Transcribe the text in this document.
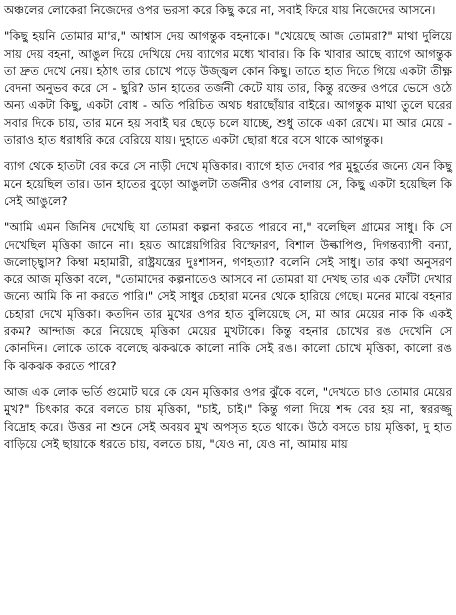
অঞ্চলের লোকেরা নিজেদের ওপর ভরসা করে কিছু করে না, সবাই ফিরে যায় নিজেদের আসনে।

"কিছু হয়নি তোমার মা'র," আশ্বাস দেয় আগন্তুক বহনাকে। "খেয়েছে আজ তোমরা?" মাথা দুলিয়ে সায় দেয় বহনা, আঙুল দিয়ে দেখিয়ে দেয় ব্যাগের মধ্যে খাবার। কি কি খাবার আছে ব্যাগে আগন্তুক তা দ্রুত দেখে নেয়। হঠাৎ তার চোখে পড়ে উজ্জ্বল কোন কিছু। তাতে হাত দিতে গিয়ে একটা তীক্ষ্ণ বেদনা অনুভব করে সে - ছুরি? ডান হাতের তর্জনী কেটে যায় তার, কিন্তু রক্তের ওপরে ভেসে ওঠে অন্য একটা কিছু, একটা বোধ - অতি পরিচিত অথচ ধরাছোঁয়ার বাইরে। আগন্তুক মাথা তুলে ঘরের সবার দিকে চায়, তার মনে হয় সবাই ঘর ছেড়ে চলে যাচ্ছে, শুধু তাকে একা রেখে। মা আর মেয়ে - তারাও হাত ধরাধরি করে বেরিয়ে যায়। দুহাতে একটা ছোরা ধরে বসে থাকে আগন্তুক।

ব্যাগ থেকে হাতটা বের করে সে নাড়ী দেখে মৃত্তিকার। ব্যাগে হাত দেবার পর মুহূর্তের জন্যে যেন কিছু মনে হয়েছিল তার। ডান হাতের বুড়ো আঙুলটা তর্জনীর ওপর বোলায় সে, কিছু একটা হয়েছিল কি সেই আঙুলে?

"আমি এমন জিনিষ দেখেছি যা তোমরা কল্পনা করতে পারবে না," বলেছিল গ্রামের সাধু। কি সে দেখেছিল মৃত্তিকা জানে না। হয়ত আগ্নেয়গিরির বিস্ফোরণ, বিশাল উল্কাপিণ্ড, দিগন্তব্যাপী বন্যা, জলোচ্ছ্বাস? কিম্বা মহামারী, রাষ্ট্রযন্ত্রের দুঃশাসন, গণহত্যা? বলেনি সেই সাধু। তার কথা অনুসরণ করে আজ মৃত্তিকা বলে, "তোমাদের কল্পনাতেও আসবে না তোমরা যা দেখছ তার এক ফোঁটা দেখার জন্যে আমি কি না করতে পারি।" সেই সাধুর চেহারা মনের থেকে হারিয়ে গেছে। মনের মাঝে বহনার চেহারা দেখে মৃত্তিকা। কতদিন তার মুখের ওপর হাত বুলিয়েছে সে, মা আর মেয়ের নাক কি একই রকম? আন্দাজ করে নিয়েছে মৃত্তিকা মেয়ের মুখটাকে। কিন্তু বহনার চোখের রঙ দেখেনি সে কোনদিন। লোকে তাকে বলেছে ঝকঝকে কালো নাকি সেই রঙ। কালো চোখে মৃত্তিকা, কালো রঙ কি ঝকঝক করতে পারে?

আজ এক লোক ভর্তি গুমোট ঘরে কে যেন মৃত্তিকার ওপর ঝুঁকে বলে, "দেখতে চাও তোমার মেয়ের মুখ?" চিৎকার করে বলতে চায় মৃত্তিকা, "চাই, চাই।" কিন্তু গলা দিয়ে শব্দ বের হয় না, স্বররজ্জু বিদ্রোহ করে। উত্তর না শুনে সেই অবয়ব মুখ অপসৃত হতে থাকে। উঠে বসতে চায় মৃত্তিকা, দু হাত বাড়িয়ে সেই ছায়াকে ধরতে চায়, বলতে চায়, "যেও না, যেও না, আমায় মায়
